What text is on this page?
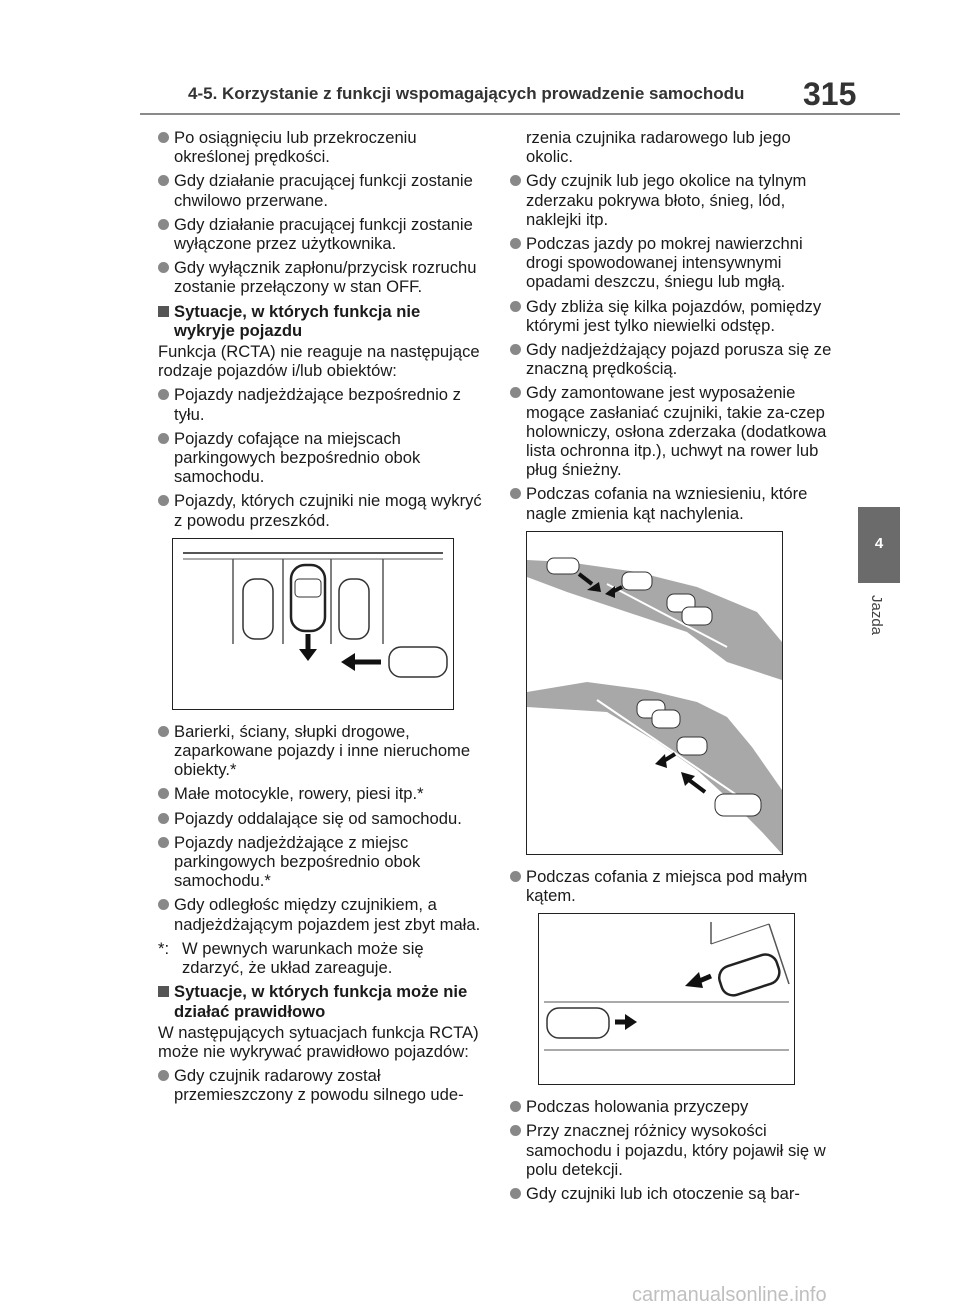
4-5. Korzystanie z funkcji wspomagających prowadzenie samochodu 315
4
Jazda
Po osiągnięciu lub przekroczeniu określonej prędkości.
Gdy działanie pracującej funkcji zostanie chwilowo przerwane.
Gdy działanie pracującej funkcji zostanie wyłączone przez użytkownika.
Gdy wyłącznik zapłonu/przycisk rozruchu zostanie przełączony w stan OFF.
Sytuacje, w których funkcja nie wykryje pojazdu
Funkcja (RCTA) nie reaguje na następujące rodzaje pojazdów i/lub obiektów:
Pojazdy nadjeżdżające bezpośrednio z tyłu.
Pojazdy cofające na miejscach parkingowych bezpośrednio obok samochodu.
Pojazdy, których czujniki nie mogą wykryć z powodu przeszkód.
Barierki, ściany, słupki drogowe, zaparkowane pojazdy i inne nieruchome obiekty.*
Małe motocykle, rowery, piesi itp.*
Pojazdy oddalające się od samochodu.
Pojazdy nadjeżdżające z miejsc parkingowych bezpośrednio obok samochodu.*
Gdy odległośc między czujnikiem, a nadjeżdżającym pojazdem jest zbyt mała.
*: W pewnych warunkach może się zdarzyć, że układ zareaguje.
Sytuacje, w których funkcja może nie działać prawidłowo
W następujących sytuacjach funkcja RCTA) może nie wykrywać prawidłowo pojazdów:
Gdy czujnik radarowy został przemieszczony z powodu silnego ude-
rzenia czujnika radarowego lub jego okolic.
Gdy czujnik lub jego okolice na tylnym zderzaku pokrywa błoto, śnieg, lód, naklejki itp.
Podczas jazdy po mokrej nawierzchni drogi spowodowanej intensywnymi opadami deszczu, śniegu lub mgłą.
Gdy zbliża się kilka pojazdów, pomiędzy którymi jest tylko niewielki odstęp.
Gdy nadjeżdżający pojazd porusza się ze znaczną prędkością.
Gdy zamontowane jest wyposażenie mogące zasłaniać czujniki, takie za-czep holowniczy, osłona zderzaka (dodatkowa lista ochronna itp.), uchwyt na rower lub pług śnieżny.
Podczas cofania na wzniesieniu, które nagle zmienia kąt nachylenia.
Podczas cofania z miejsca pod małym kątem.
Podczas holowania przyczepy
Przy znacznej różnicy wysokości samochodu i pojazdu, który pojawił się w polu detekcji.
Gdy czujniki lub ich otoczenie są bar-
carmanualsonline.info
